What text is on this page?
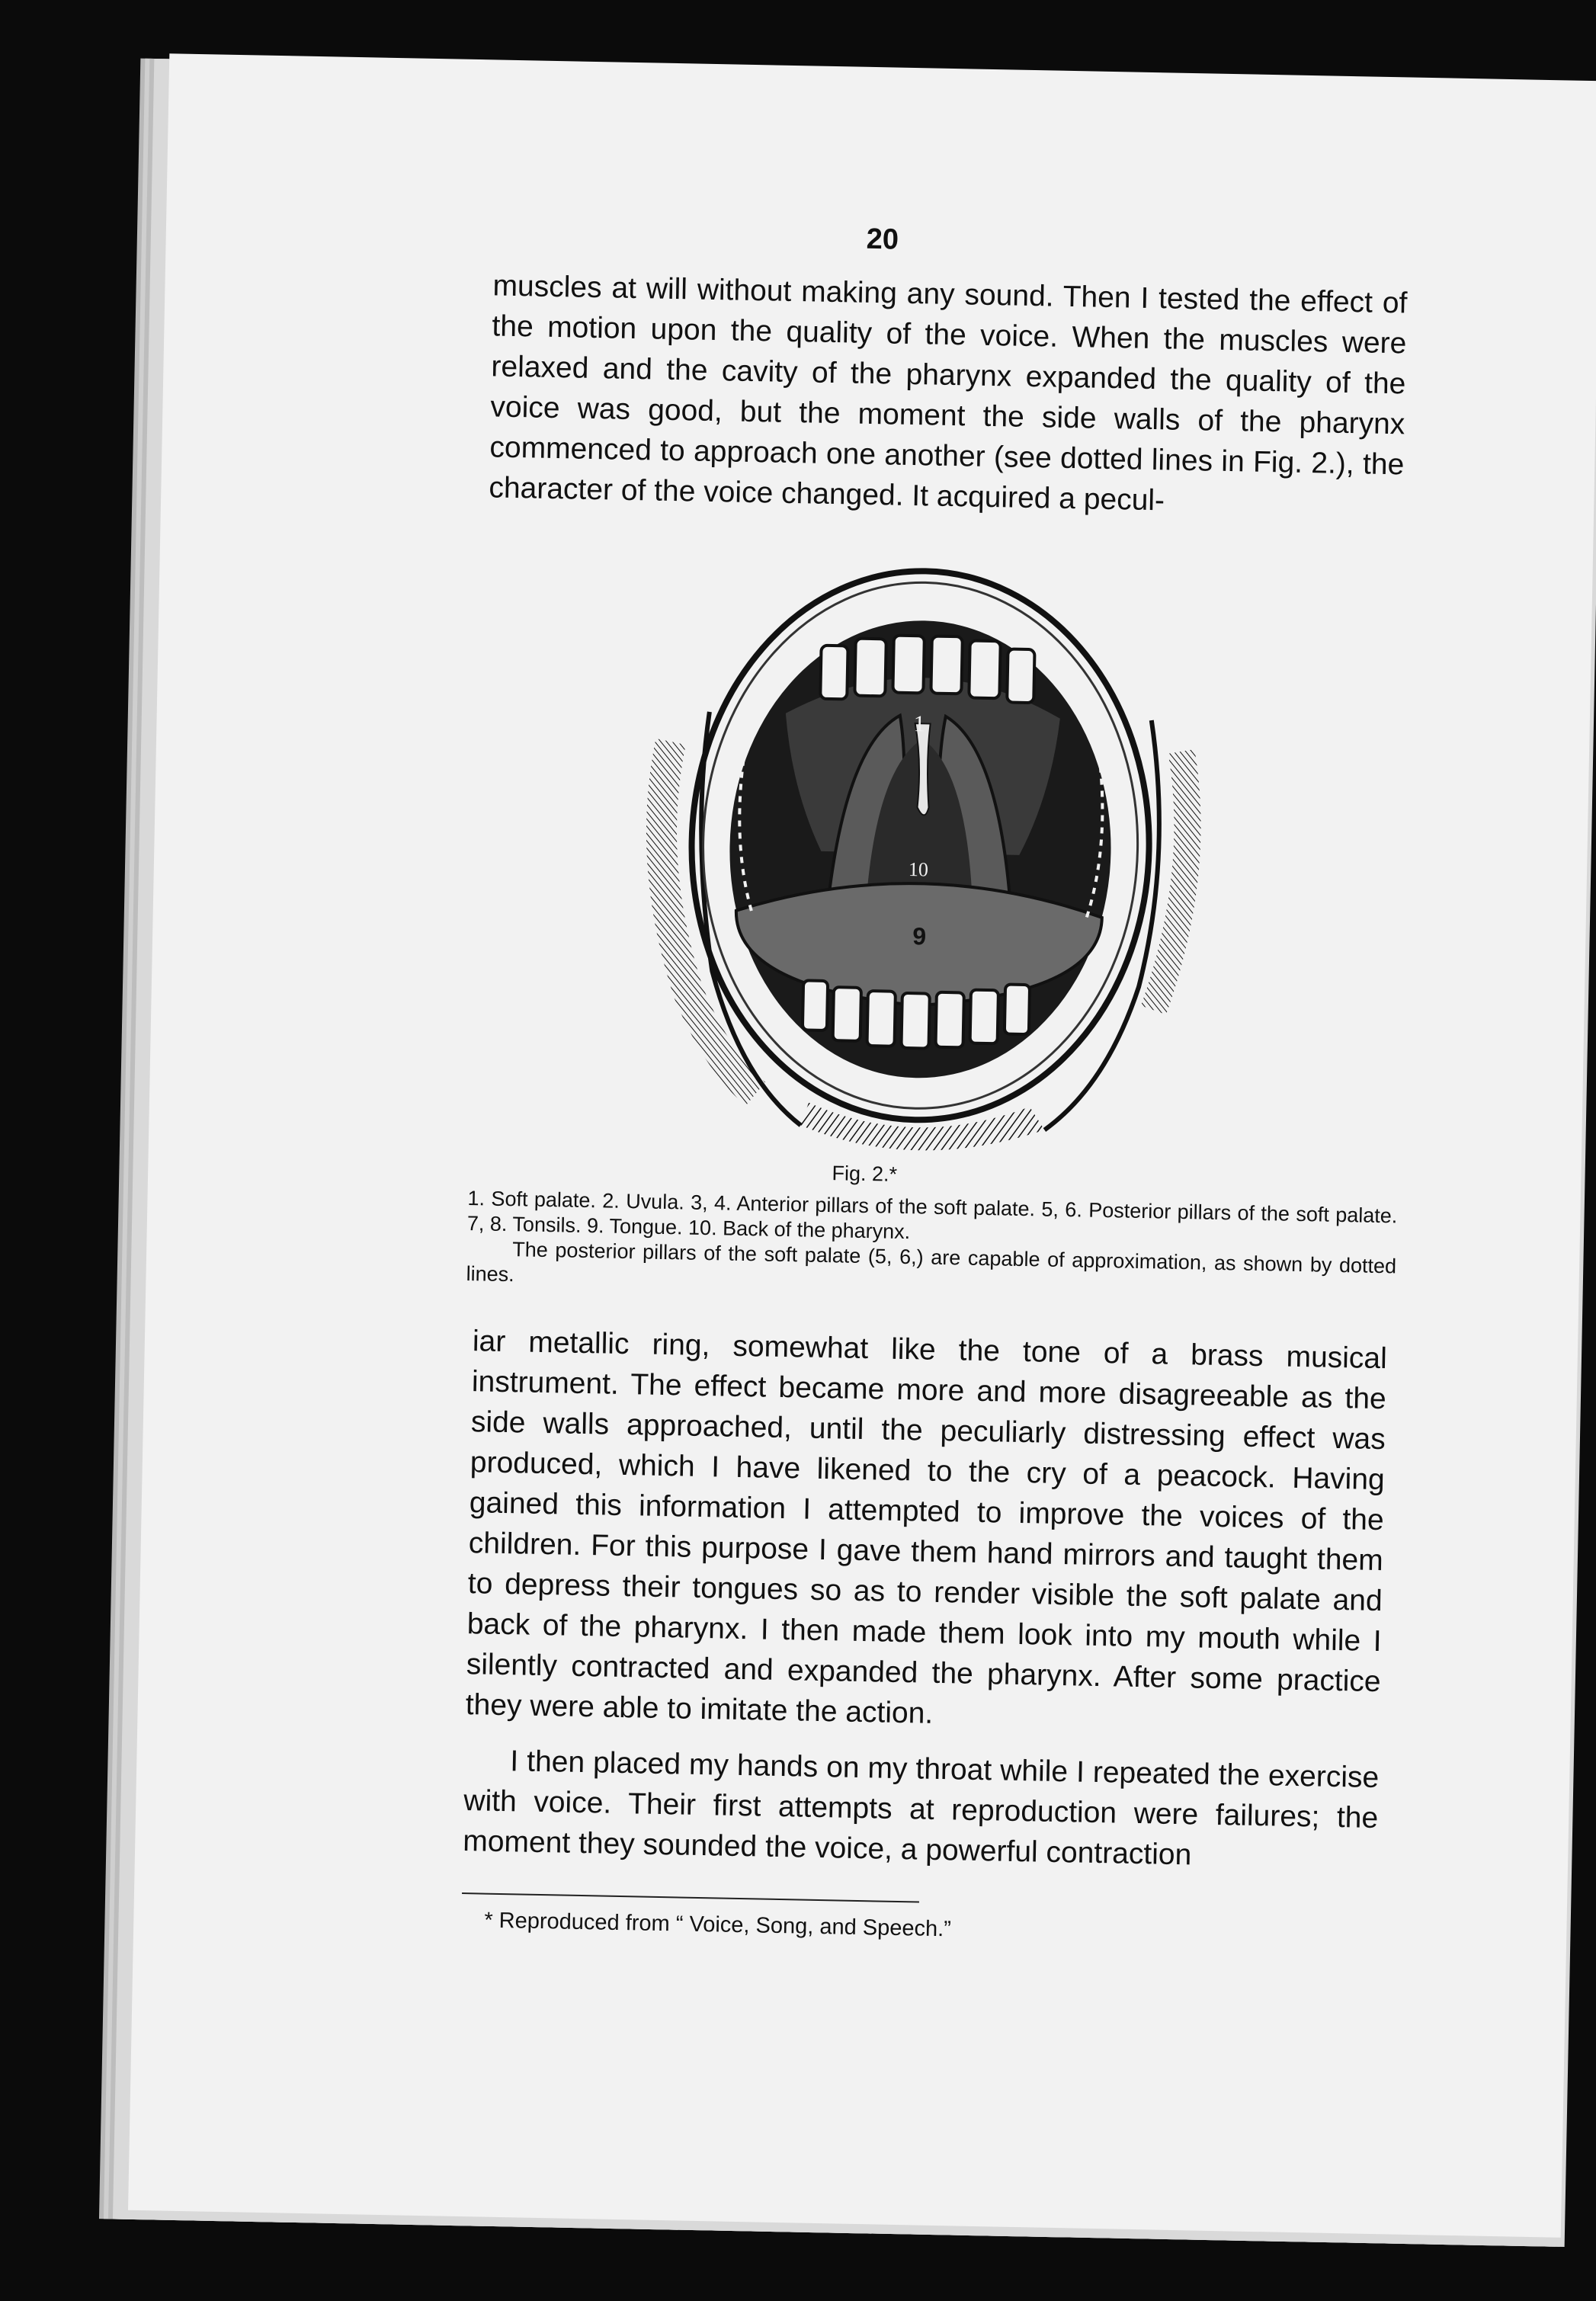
20

muscles at will without making any sound. Then I tested the effect of the motion upon the quality of the voice. When the muscles were relaxed and the cavity of the pharynx expanded the quality of the voice was good, but the moment the side walls of the pharynx commenced to approach one another (see dotted lines in Fig. 2.), the character of the voice changed. It acquired a pecul-

1
10
9
Fig. 2.*

1. Soft palate. 2. Uvula. 3, 4. Anterior pillars of the soft palate. 5, 6. Posterior pillars of the soft palate. 7, 8. Tonsils. 9. Tongue. 10. Back of the pharynx.

The posterior pillars of the soft palate (5, 6,) are capable of approximation, as shown by dotted lines.

iar metallic ring, somewhat like the tone of a brass musical instrument. The effect became more and more disagreeable as the side walls approached, until the peculiarly distressing effect was produced, which I have likened to the cry of a peacock. Having gained this information I attempted to improve the voices of the children. For this purpose I gave them hand mirrors and taught them to depress their tongues so as to render visible the soft palate and back of the pharynx. I then made them look into my mouth while I silently contracted and expanded the pharynx. After some practice they were able to imitate the action.

I then placed my hands on my throat while I repeated the exercise with voice. Their first attempts at reproduction were failures; the moment they sounded the voice, a powerful contraction

* Reproduced from “ Voice, Song, and Speech.”
